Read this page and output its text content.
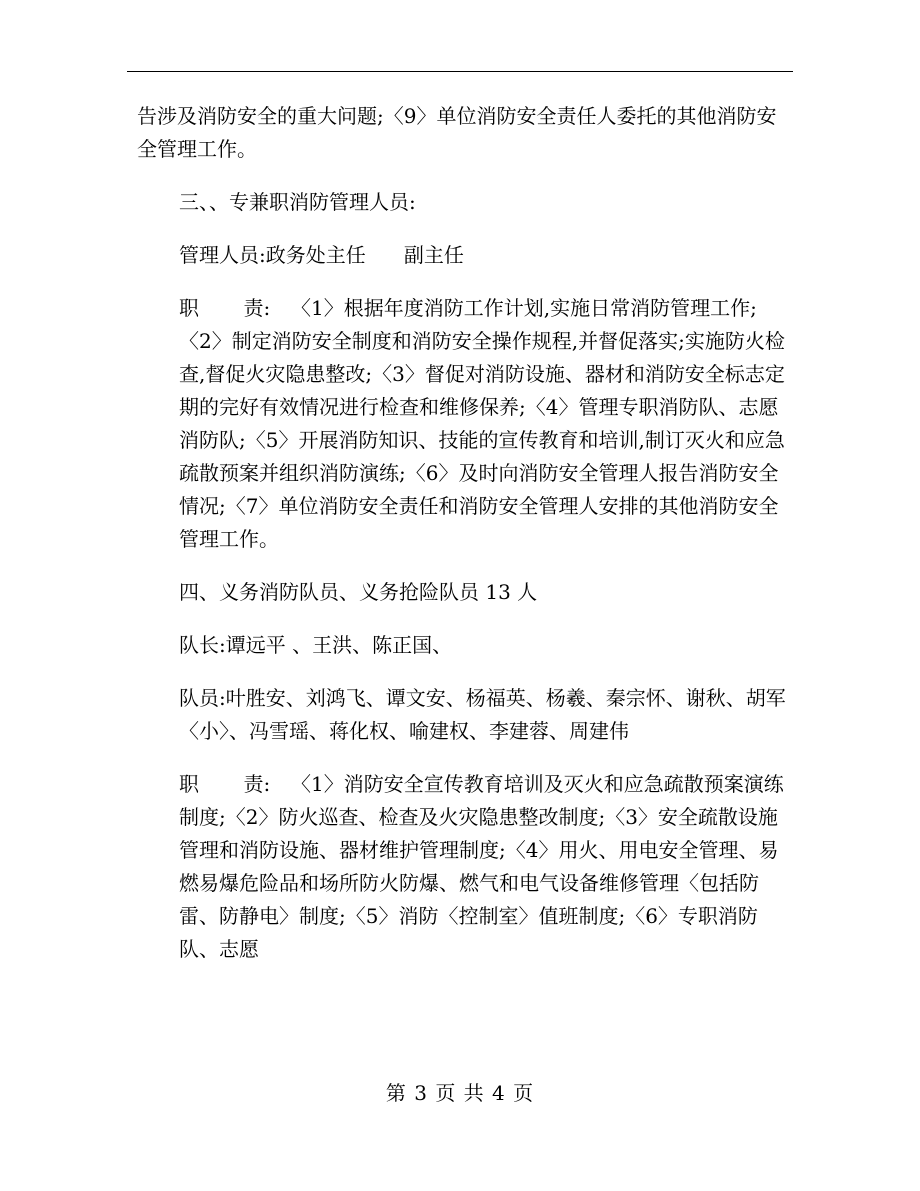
告涉及消防安全的重大问题;〈9〉单位消防安全责任人委托的其他消防安全管理工作。

三、、专兼职消防管理人员:

管理人员:政务处主任 副主任

职       责: 〈1〉根据年度消防工作计划,实施日常消防管理工作;〈2〉制定消防安全制度和消防安全操作规程,并督促落实;实施防火检查,督促火灾隐患整改;〈3〉督促对消防设施、器材和消防安全标志定期的完好有效情况进行检查和维修保养;〈4〉管理专职消防队、志愿消防队;〈5〉开展消防知识、技能的宣传教育和培训,制订灭火和应急疏散预案并组织消防演练;〈6〉及时向消防安全管理人报告消防安全情况;〈7〉单位消防安全责任和消防安全管理人安排的其他消防安全管理工作。

四、义务消防队员、义务抢险队员 13 人

队长:谭远平 、王洪、陈正国、

队员:叶胜安、刘鸿飞、谭文安、杨福英、杨羲、秦宗怀、谢秋、胡军〈小〉、冯雪瑶、蒋化权、喻建权、李建蓉、周建伟

职       责: 〈1〉消防安全宣传教育培训及灭火和应急疏散预案演练制度;〈2〉防火巡查、检查及火灾隐患整改制度;〈3〉安全疏散设施管理和消防设施、器材维护管理制度;〈4〉用火、用电安全管理、易燃易爆危险品和场所防火防爆、燃气和电气设备维修管理〈包括防雷、防静电〉制度;〈5〉消防〈控制室〉值班制度;〈6〉专职消防队、志愿

第 3 页 共 4 页
